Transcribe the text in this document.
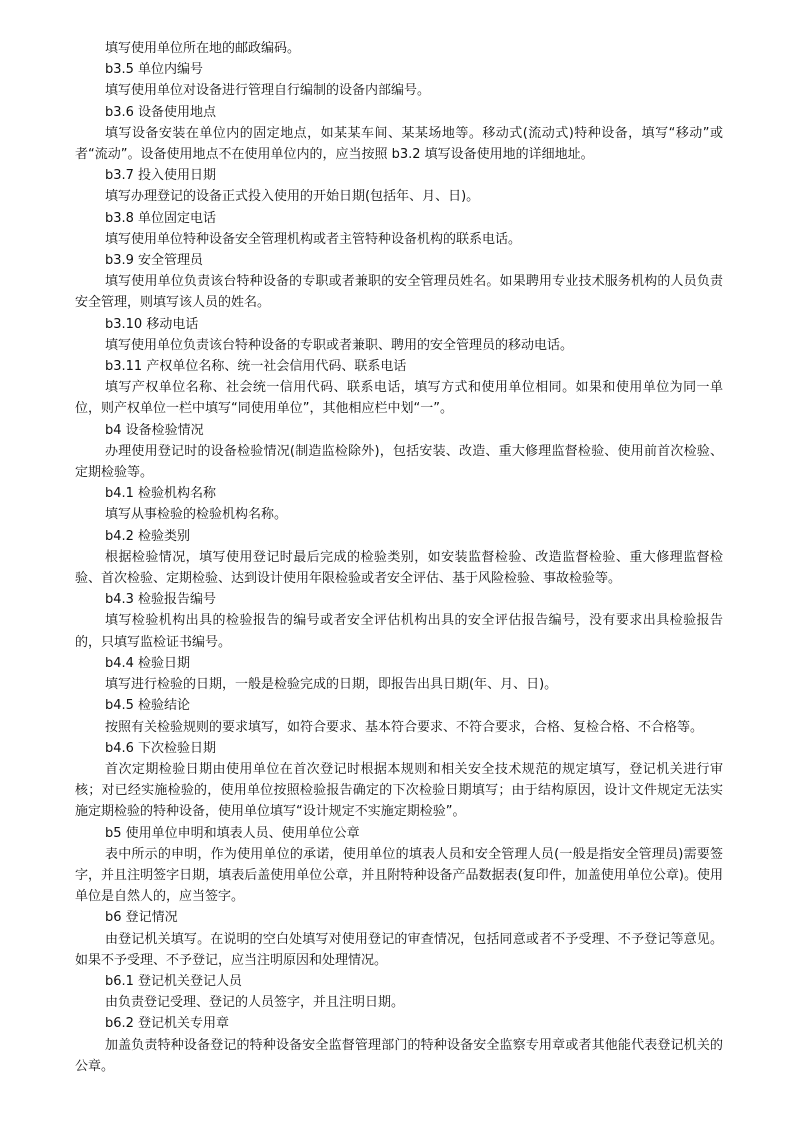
填写使用单位所在地的邮政编码。
b3.5 单位内编号
填写使用单位对设备进行管理自行编制的设备内部编号。
b3.6 设备使用地点
填写设备安装在单位内的固定地点，如某某车间、某某场地等。移动式(流动式)特种设备，填写“移动”或者“流动”。设备使用地点不在使用单位内的，应当按照 b3.2 填写设备使用地的详细地址。
b3.7 投入使用日期
填写办理登记的设备正式投入使用的开始日期(包括年、月、日)。
b3.8 单位固定电话
填写使用单位特种设备安全管理机构或者主管特种设备机构的联系电话。
b3.9 安全管理员
填写使用单位负责该台特种设备的专职或者兼职的安全管理员姓名。如果聘用专业技术服务机构的人员负责安全管理，则填写该人员的姓名。
b3.10 移动电话
填写使用单位负责该台特种设备的专职或者兼职、聘用的安全管理员的移动电话。
b3.11 产权单位名称、统一社会信用代码、联系电话
填写产权单位名称、社会统一信用代码、联系电话，填写方式和使用单位相同。如果和使用单位为同一单位，则产权单位一栏中填写“同使用单位”，其他相应栏中划“一”。
b4 设备检验情况
办理使用登记时的设备检验情况(制造监检除外)，包括安装、改造、重大修理监督检验、使用前首次检验、定期检验等。
b4.1 检验机构名称
填写从事检验的检验机构名称。
b4.2 检验类别
根据检验情况，填写使用登记时最后完成的检验类别，如安装监督检验、改造监督检验、重大修理监督检验、首次检验、定期检验、达到设计使用年限检验或者安全评估、基于风险检验、事故检验等。
b4.3 检验报告编号
填写检验机构出具的检验报告的编号或者安全评估机构出具的安全评估报告编号，没有要求出具检验报告的，只填写监检证书编号。
b4.4 检验日期
填写进行检验的日期，一般是检验完成的日期，即报告出具日期(年、月、日)。
b4.5 检验结论
按照有关检验规则的要求填写，如符合要求、基本符合要求、不符合要求，合格、复检合格、不合格等。
b4.6 下次检验日期
首次定期检验日期由使用单位在首次登记时根据本规则和相关安全技术规范的规定填写，登记机关进行审核；对已经实施检验的，使用单位按照检验报告确定的下次检验日期填写；由于结构原因，设计文件规定无法实施定期检验的特种设备，使用单位填写“设计规定不实施定期检验”。
b5 使用单位申明和填表人员、使用单位公章
表中所示的申明，作为使用单位的承诺，使用单位的填表人员和安全管理人员(一般是指安全管理员)需要签字，并且注明签字日期，填表后盖使用单位公章，并且附特种设备产品数据表(复印件，加盖使用单位公章)。使用单位是自然人的，应当签字。
b6 登记情况
由登记机关填写。在说明的空白处填写对使用登记的审查情况，包括同意或者不予受理、不予登记等意见。如果不予受理、不予登记，应当注明原因和处理情况。
b6.1 登记机关登记人员
由负责登记受理、登记的人员签字，并且注明日期。
b6.2 登记机关专用章
加盖负责特种设备登记的特种设备安全监督管理部门的特种设备安全监察专用章或者其他能代表登记机关的公章。
